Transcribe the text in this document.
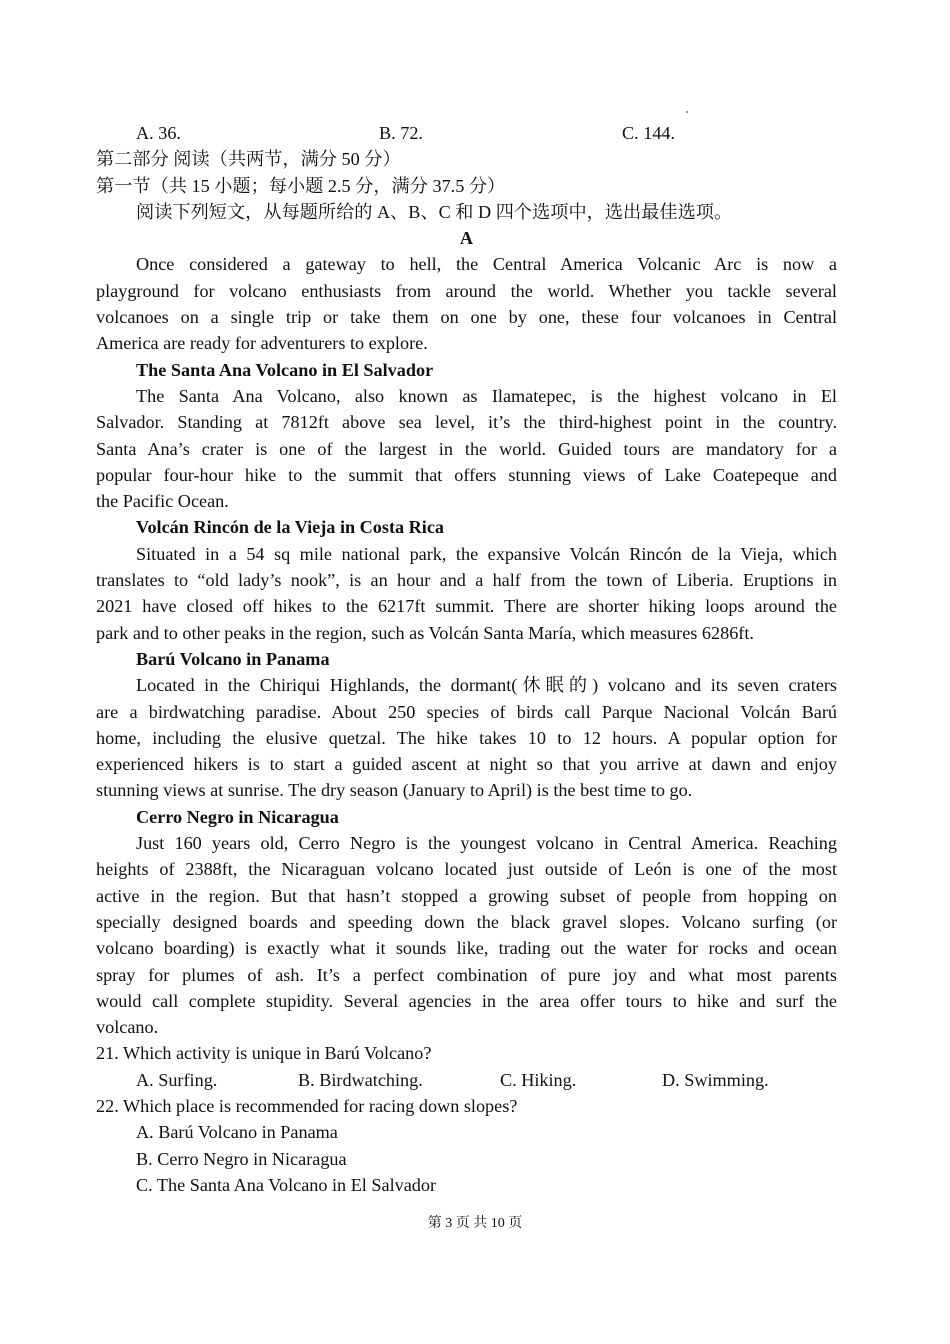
A. 36.	B. 72.	C. 144.
第二部分 阅读（共两节，满分 50 分）
第一节（共 15 小题；每小题 2.5 分，满分 37.5 分）
阅读下列短文，从每题所给的 A、B、C 和 D 四个选项中，选出最佳选项。
A
Once considered a gateway to hell, the Central America Volcanic Arc is now a
playground for volcano enthusiasts from around the world. Whether you tackle several
volcanoes on a single trip or take them on one by one, these four volcanoes in Central
America are ready for adventurers to explore.
The Santa Ana Volcano in El Salvador
The Santa Ana Volcano, also known as Ilamatepec, is the highest volcano in El
Salvador. Standing at 7812ft above sea level, it’s the third-highest point in the country.
Santa Ana’s crater is one of the largest in the world. Guided tours are mandatory for a
popular four-hour hike to the summit that offers stunning views of Lake Coatepeque and
the Pacific Ocean.
Volcán Rincón de la Vieja in Costa Rica
Situated in a 54 sq mile national park, the expansive Volcán Rincón de la Vieja, which
translates to “old lady’s nook”, is an hour and a half from the town of Liberia. Eruptions in
2021 have closed off hikes to the 6217ft summit. There are shorter hiking loops around the
park and to other peaks in the region, such as Volcán Santa María, which measures 6286ft.
Barú Volcano in Panama
Located in the Chiriqui Highlands, the dormant(休眠的) volcano and its seven craters
are a birdwatching paradise. About 250 species of birds call Parque Nacional Volcán Barú
home, including the elusive quetzal. The hike takes 10 to 12 hours. A popular option for
experienced hikers is to start a guided ascent at night so that you arrive at dawn and enjoy
stunning views at sunrise. The dry season (January to April) is the best time to go.
Cerro Negro in Nicaragua
Just 160 years old, Cerro Negro is the youngest volcano in Central America. Reaching
heights of 2388ft, the Nicaraguan volcano located just outside of León is one of the most
active in the region. But that hasn’t stopped a growing subset of people from hopping on
specially designed boards and speeding down the black gravel slopes. Volcano surfing (or
volcano boarding) is exactly what it sounds like, trading out the water for rocks and ocean
spray for plumes of ash. It’s a perfect combination of pure joy and what most parents
would call complete stupidity. Several agencies in the area offer tours to hike and surf the
volcano.
21. Which activity is unique in Barú Volcano?
A. Surfing.	B. Birdwatching.	C. Hiking.	D. Swimming.
22. Which place is recommended for racing down slopes?
A. Barú Volcano in Panama
B. Cerro Negro in Nicaragua
C. The Santa Ana Volcano in El Salvador
第 3 页 共 10 页
